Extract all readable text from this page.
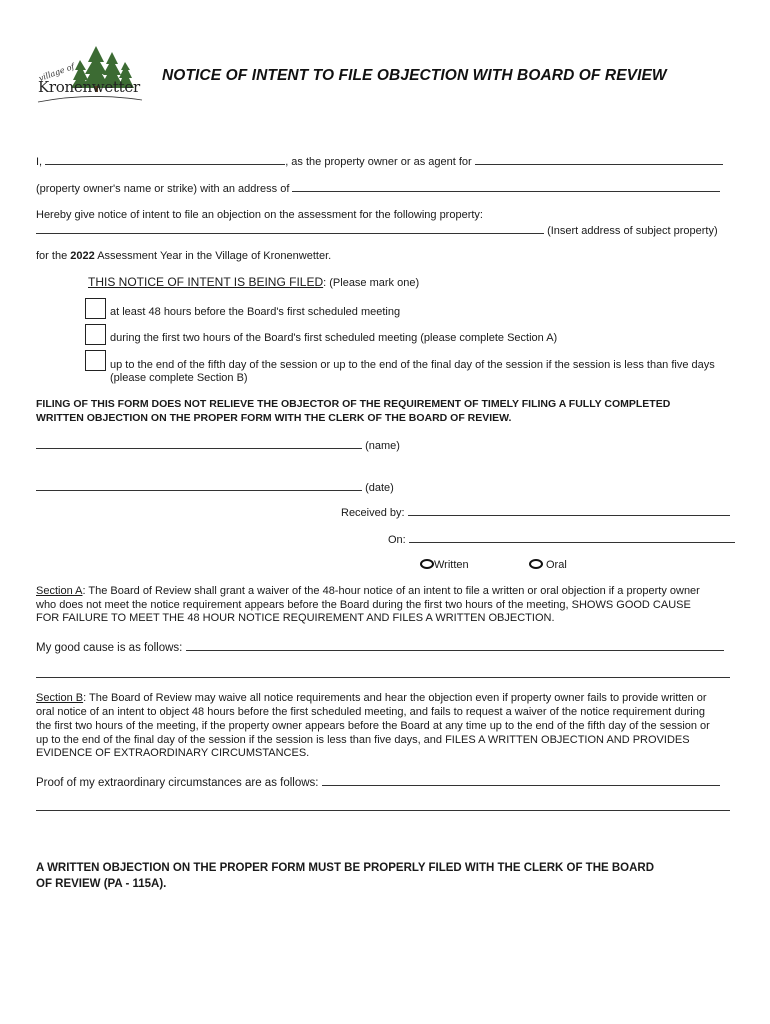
village of
Kronenwetter
NOTICE OF INTENT TO FILE OBJECTION WITH BOARD OF REVIEW
I,	, as the property owner or as agent for
(property owner's name or strike) with an address of
Hereby give notice of intent to file an objection on the assessment for the following property:
(Insert address of subject property)
for the 2022 Assessment Year in the Village of Kronenwetter.
THIS NOTICE OF INTENT IS BEING FILED: (Please mark one)
at least 48 hours before the Board's first scheduled meeting
during the first two hours of the Board's first scheduled meeting (please complete Section A)
up to the end of the fifth day of the session or up to the end of the final day of the session if the session is less than five days
(please complete Section B)
FILING OF THIS FORM DOES NOT RELIEVE THE OBJECTOR OF THE REQUIREMENT OF TIMELY FILING A FULLY COMPLETED
WRITTEN OBJECTION ON THE PROPER FORM WITH THE CLERK OF THE BOARD OF REVIEW.
(name)
(date)
Received by:
On:
Written	Oral
Section A: The Board of Review shall grant a waiver of the 48-hour notice of an intent to file a written or oral objection if a property owner
who does not meet the notice requirement appears before the Board during the first two hours of the meeting, SHOWS GOOD CAUSE
FOR FAILURE TO MEET THE 48 HOUR NOTICE REQUIREMENT AND FILES A WRITTEN OBJECTION.
My good cause is as follows:
Section B: The Board of Review may waive all notice requirements and hear the objection even if property owner fails to provide written or
oral notice of an intent to object 48 hours before the first scheduled meeting, and fails to request a waiver of the notice requirement during
the first two hours of the meeting, if the property owner appears before the Board at any time up to the end of the fifth day of the session or
up to the end of the final day of the session if the session is less than five days, and FILES A WRITTEN OBJECTION AND PROVIDES
EVIDENCE OF EXTRAORDINARY CIRCUMSTANCES.
Proof of my extraordinary circumstances are as follows:
A WRITTEN OBJECTION ON THE PROPER FORM MUST BE PROPERLY FILED WITH THE CLERK OF THE BOARD
OF REVIEW (PA - 115A).
